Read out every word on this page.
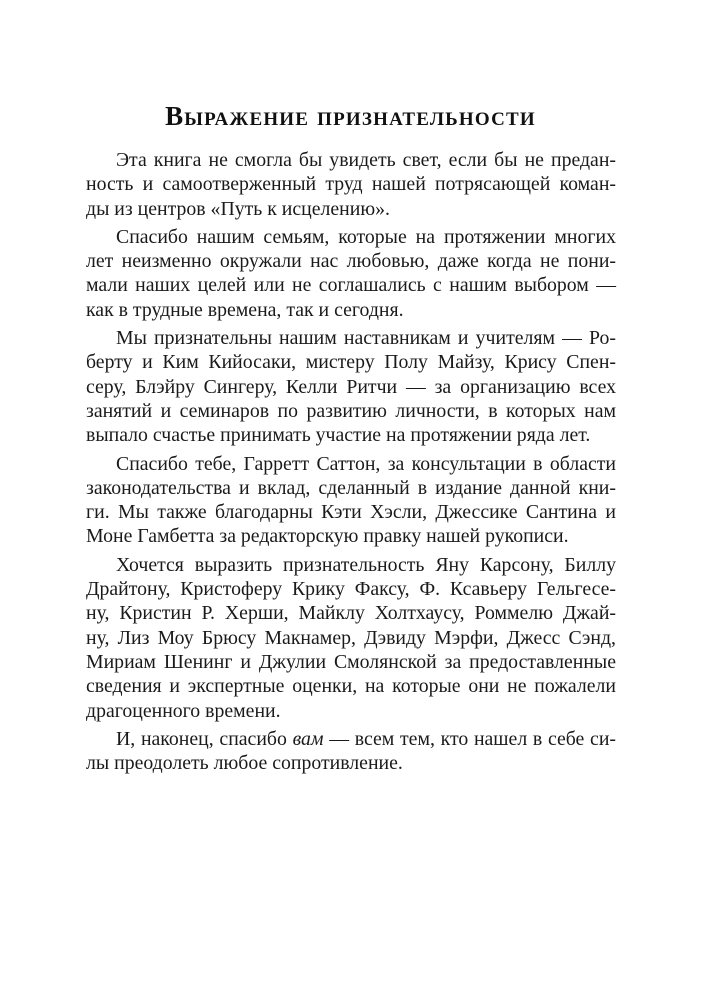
Выражение признательности

Эта книга не смогла бы увидеть свет, если бы не предан-
ность и самоотверженный труд нашей потрясающей коман-
ды из центров «Путь к исцелению».

Спасибо нашим семьям, которые на протяжении многих
лет неизменно окружали нас любовью, даже когда не пони-
мали наших целей или не соглашались с нашим выбором —
как в трудные времена, так и сегодня.

Мы признательны нашим наставникам и учителям — Ро-
берту и Ким Кийосаки, мистеру Полу Майзу, Крису Спен-
серу, Блэйру Сингеру, Келли Ритчи — за организацию всех
занятий и семинаров по развитию личности, в которых нам
выпало счастье принимать участие на протяжении ряда лет.

Спасибо тебе, Гарретт Саттон, за консультации в области
законодательства и вклад, сделанный в издание данной кни-
ги. Мы также благодарны Кэти Хэсли, Джессике Сантина и
Моне Гамбетта за редакторскую правку нашей рукописи.

Хочется выразить признательность Яну Карсону, Биллу
Драйтону, Кристоферу Крику Факсу, Ф. Ксавьеру Гельгесе-
ну, Кристин Р. Херши, Майклу Холтхаусу, Роммелю Джай-
ну, Лиз Моу Брюсу Макнамер, Дэвиду Мэрфи, Джесс Сэнд,
Мириам Шенинг и Джулии Смолянской за предоставленные
сведения и экспертные оценки, на которые они не пожалели
драгоценного времени.

И, наконец, спасибо вам — всем тем, кто нашел в себе си-
лы преодолеть любое сопротивление.
